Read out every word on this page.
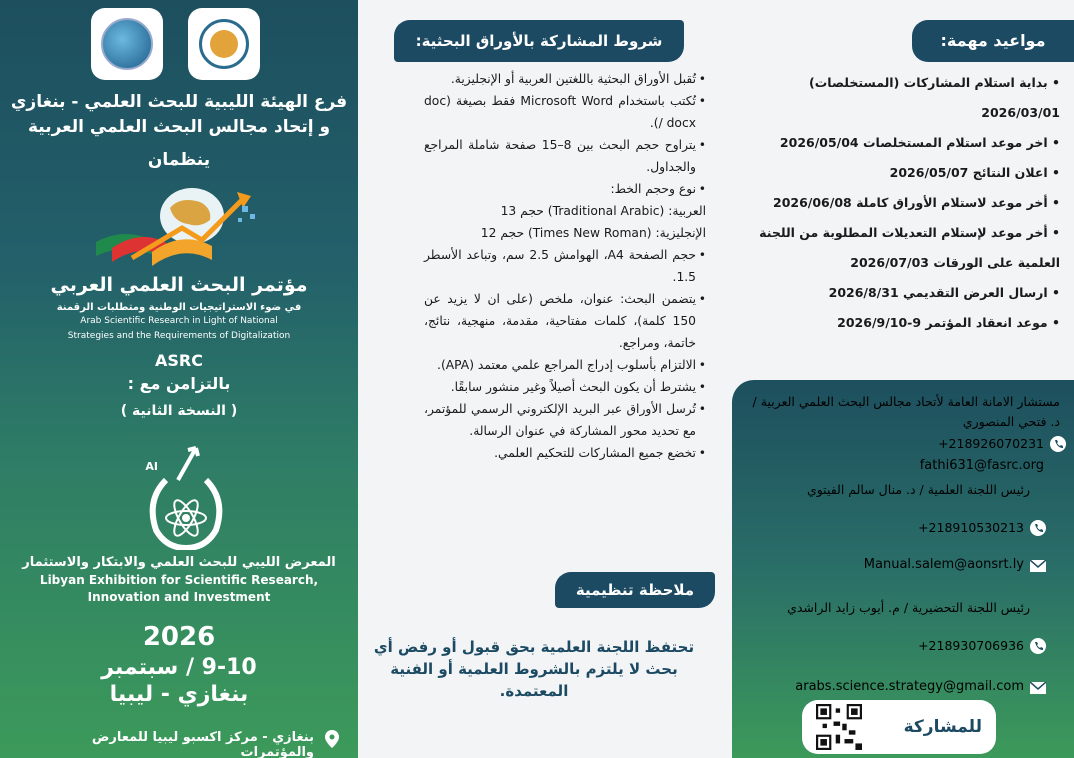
فرع الهيئة الليبية للبحث العلمي - بنغازي
و إتحاد مجالس البحث العلمي العربية
ينظمان
مؤتمر البحث العلمي العربي
في ضوء الاستراتيجيات الوطنية ومتطلبات الرقمنة
Arab Scientific Research in Light of National
Strategies and the Requirements of Digitalization
ASRC
بالتزامن مع :
( النسخة الثانية )
AI
المعرض الليبي للبحث العلمي والابتكار والاستثمار
Libyan Exhibition for Scientific Research,
Innovation and Investment
2026
9-10 / سبتمبر
بنغازي - ليبيا
بنغازي - مركز اكسبو ليبيا للمعارض والمؤتمرات
شروط المشاركة بالأوراق البحثية:
•
تُقبل الأوراق البحثية باللغتين العربية أو الإنجليزية.
•
تُكتب باستخدام Microsoft Word فقط بصيغة (doc / docx).
•
يتراوح حجم البحث بين 8–15 صفحة شاملة المراجع والجداول.
•
نوع وحجم الخط:
العربية: (Traditional Arabic) حجم 13
الإنجليزية: (Times New Roman) حجم 12
•
حجم الصفحة A4، الهوامش 2.5 سم، وتباعد الأسطر 1.5.
•
يتضمن البحث: عنوان، ملخص (على ان لا يزيد عن 150 كلمة)، كلمات مفتاحية، مقدمة، منهجية، نتائج، خاتمة، ومراجع.
•
الالتزام بأسلوب إدراج المراجع علمي معتمد (APA).
•
يشترط أن يكون البحث أصيلاً وغير منشور سابقًا.
•
تُرسل الأوراق عبر البريد الإلكتروني الرسمي للمؤتمر، مع تحديد محور المشاركة في عنوان الرسالة.
•
تخضع جميع المشاركات للتحكيم العلمي.
ملاحظة تنظيمية
تحتفظ اللجنة العلمية بحق قبول أو رفض أي بحث لا يلتزم بالشروط العلمية أو الفنية المعتمدة.
مواعيد مهمة:
• بداية استلام المشاركات (المستخلصات) 2026/03/01
• اخر موعد استلام المستخلصات 2026/05/04
• اعلان النتائج 2026/05/07
• أخر موعد لاستلام الأوراق كاملة 2026/06/08
• أخر موعد لإستلام التعديلات المطلوبة من اللجنة العلمية على الورقات 2026/07/03
• ارسال العرض التقديمي 2026/8/31
• موعد انعقاد المؤتمر 9-2026/9/10
مستشار الامانة العامة لأتحاد مجالس البحث العلمي العربية / د. فتحي المنصوري
+218926070231
fathi631@fasrc.org
رئيس اللجنة العلمية / د. منال سالم الفيتوي
+218910530213
Manual.salem@aonsrt.ly
رئيس اللجنة التحضيرية / م. أيوب زايد الراشدي
+218930706936
arabs.science.strategy@gmail.com
للمشاركة
